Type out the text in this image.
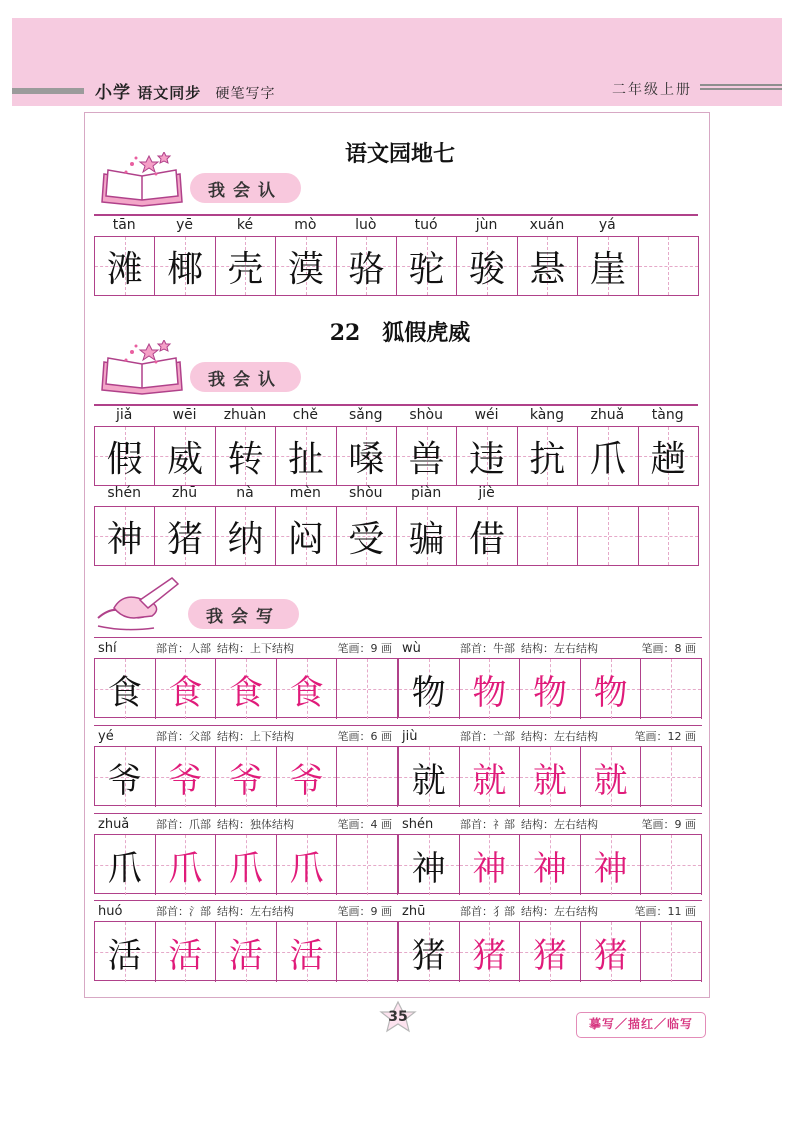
小学 语文同步 硬笔写字	二年级上册
语文园地七
我会认
tān	yē	ké	mò	luò	tuó	jùn	xuán	yá
滩 椰 壳 漠 骆 驼 骏 悬 崖
22　狐假虎威
我会认
jiǎ	wēi	zhuàn	chě	sǎng	shòu	wéi	kàng	zhuǎ	tàng
假 威 转 扯 嗓 兽 违 抗 爪 趟
shén	zhū	nà	mèn	shòu	piàn	jiè
神 猪 纳 闷 受 骗 借
我会写
shí	部首：人部 结构：上下结构	笔画：9 画
食 食 食 食
wù	部首：牛部 结构：左右结构	笔画：8 画
物 物 物 物
yé	部首：父部 结构：上下结构	笔画：6 画
爷 爷 爷 爷
jiù	部首：亠部 结构：左右结构	笔画：12 画
就 就 就 就
zhuǎ	部首：爪部 结构：独体结构	笔画：4 画
爪 爪 爪 爪
shén	部首：礻部 结构：左右结构	笔画：9 画
神 神 神 神
huó	部首：氵部 结构：左右结构	笔画：9 画
活 活 活 活
zhū	部首：犭部 结构：左右结构	笔画：11 画
猪 猪 猪 猪
35	摹写／描红／临写
